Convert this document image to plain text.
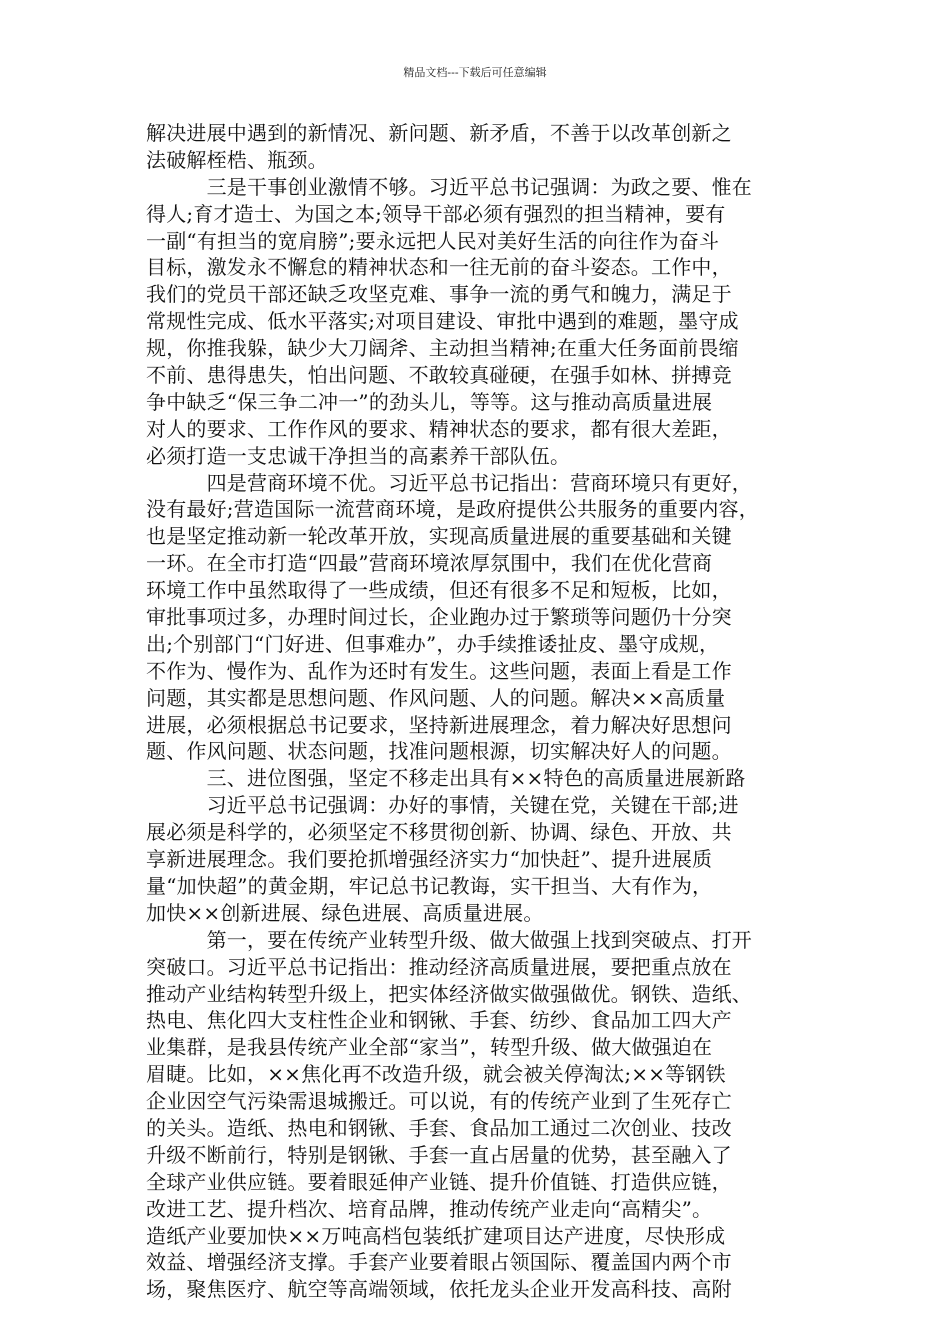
精品文档---下载后可任意编辑
解决进展中遇到的新情况、新问题、新矛盾，不善于以改革创新之
法破解桎梏、瓶颈。
　　　三是干事创业激情不够。习近平总书记强调：为政之要、惟在
得人;育才造士、为国之本;领导干部必须有强烈的担当精神，要有
一副“有担当的宽肩膀”;要永远把人民对美好生活的向往作为奋斗
目标，激发永不懈怠的精神状态和一往无前的奋斗姿态。工作中，
我们的党员干部还缺乏攻坚克难、事争一流的勇气和魄力，满足于
常规性完成、低水平落实;对项目建设、审批中遇到的难题，墨守成
规，你推我躲，缺少大刀阔斧、主动担当精神;在重大任务面前畏缩
不前、患得患失，怕出问题、不敢较真碰硬，在强手如林、拼搏竞
争中缺乏“保三争二冲一”的劲头儿，等等。这与推动高质量进展
对人的要求、工作作风的要求、精神状态的要求，都有很大差距，
必须打造一支忠诚干净担当的高素养干部队伍。
　　　四是营商环境不优。习近平总书记指出：营商环境只有更好，
没有最好;营造国际一流营商环境，是政府提供公共服务的重要内容，
也是坚定推动新一轮改革开放，实现高质量进展的重要基础和关键
一环。在全市打造“四最”营商环境浓厚氛围中，我们在优化营商
环境工作中虽然取得了一些成绩，但还有很多不足和短板，比如，
审批事项过多，办理时间过长，企业跑办过于繁琐等问题仍十分突
出;个别部门“门好进、但事难办”，办手续推诿扯皮、墨守成规，
不作为、慢作为、乱作为还时有发生。这些问题，表面上看是工作
问题，其实都是思想问题、作风问题、人的问题。解决××高质量
进展，必须根据总书记要求，坚持新进展理念，着力解决好思想问
题、作风问题、状态问题，找准问题根源，切实解决好人的问题。
　　　三、进位图强，坚定不移走出具有××特色的高质量进展新路
　　　习近平总书记强调：办好的事情，关键在党，关键在干部;进
展必须是科学的，必须坚定不移贯彻创新、协调、绿色、开放、共
享新进展理念。我们要抢抓增强经济实力“加快赶”、提升进展质
量“加快超”的黄金期，牢记总书记教诲，实干担当、大有作为，
加快××创新进展、绿色进展、高质量进展。
　　　第一，要在传统产业转型升级、做大做强上找到突破点、打开
突破口。习近平总书记指出：推动经济高质量进展，要把重点放在
推动产业结构转型升级上，把实体经济做实做强做优。钢铁、造纸、
热电、焦化四大支柱性企业和钢锹、手套、纺纱、食品加工四大产
业集群，是我县传统产业全部“家当”，转型升级、做大做强迫在
眉睫。比如，××焦化再不改造升级，就会被关停淘汰;××等钢铁
企业因空气污染需退城搬迁。可以说，有的传统产业到了生死存亡
的关头。造纸、热电和钢锹、手套、食品加工通过二次创业、技改
升级不断前行，特别是钢锹、手套一直占居量的优势，甚至融入了
全球产业供应链。要着眼延伸产业链、提升价值链、打造供应链，
改进工艺、提升档次、培育品牌，推动传统产业走向“高精尖”。
造纸产业要加快××万吨高档包装纸扩建项目达产进度，尽快形成
效益、增强经济支撑。手套产业要着眼占领国际、覆盖国内两个市
场，聚焦医疗、航空等高端领域，依托龙头企业开发高科技、高附
